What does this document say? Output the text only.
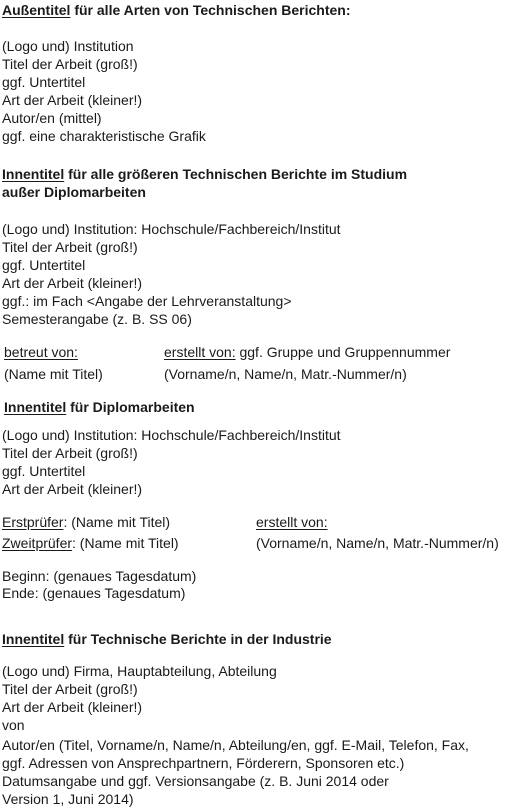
Außentitel für alle Arten von Technischen Berichten:
(Logo und) Institution
Titel der Arbeit (groß!)
ggf. Untertitel
Art der Arbeit (kleiner!)
Autor/en (mittel)
ggf. eine charakteristische Grafik
Innentitel für alle größeren Technischen Berichte im Studium
außer Diplomarbeiten
(Logo und) Institution: Hochschule/Fachbereich/Institut
Titel der Arbeit (groß!)
ggf. Untertitel
Art der Arbeit (kleiner!)
ggf.: im Fach <Angabe der Lehrveranstaltung>
Semesterangabe (z. B. SS 06)
betreut von:	erstellt von: ggf. Gruppe und Gruppennummer
(Name mit Titel)	(Vorname/n, Name/n, Matr.-Nummer/n)
Innentitel für Diplomarbeiten
(Logo und) Institution: Hochschule/Fachbereich/Institut
Titel der Arbeit (groß!)
ggf. Untertitel
Art der Arbeit (kleiner!)
Erstprüfer: (Name mit Titel)	erstellt von:
Zweitprüfer: (Name mit Titel)	(Vorname/n, Name/n, Matr.-Nummer/n)
Beginn: (genaues Tagesdatum)
Ende: (genaues Tagesdatum)
Innentitel für Technische Berichte in der Industrie
(Logo und) Firma, Hauptabteilung, Abteilung
Titel der Arbeit (groß!)
Art der Arbeit (kleiner!)
von
Autor/en (Titel, Vorname/n, Name/n, Abteilung/en, ggf. E-Mail, Telefon, Fax,
ggf. Adressen von Ansprechpartnern, Förderern, Sponsoren etc.)
Datumsangabe und ggf. Versionsangabe (z. B. Juni 2014 oder
Version 1, Juni 2014)
